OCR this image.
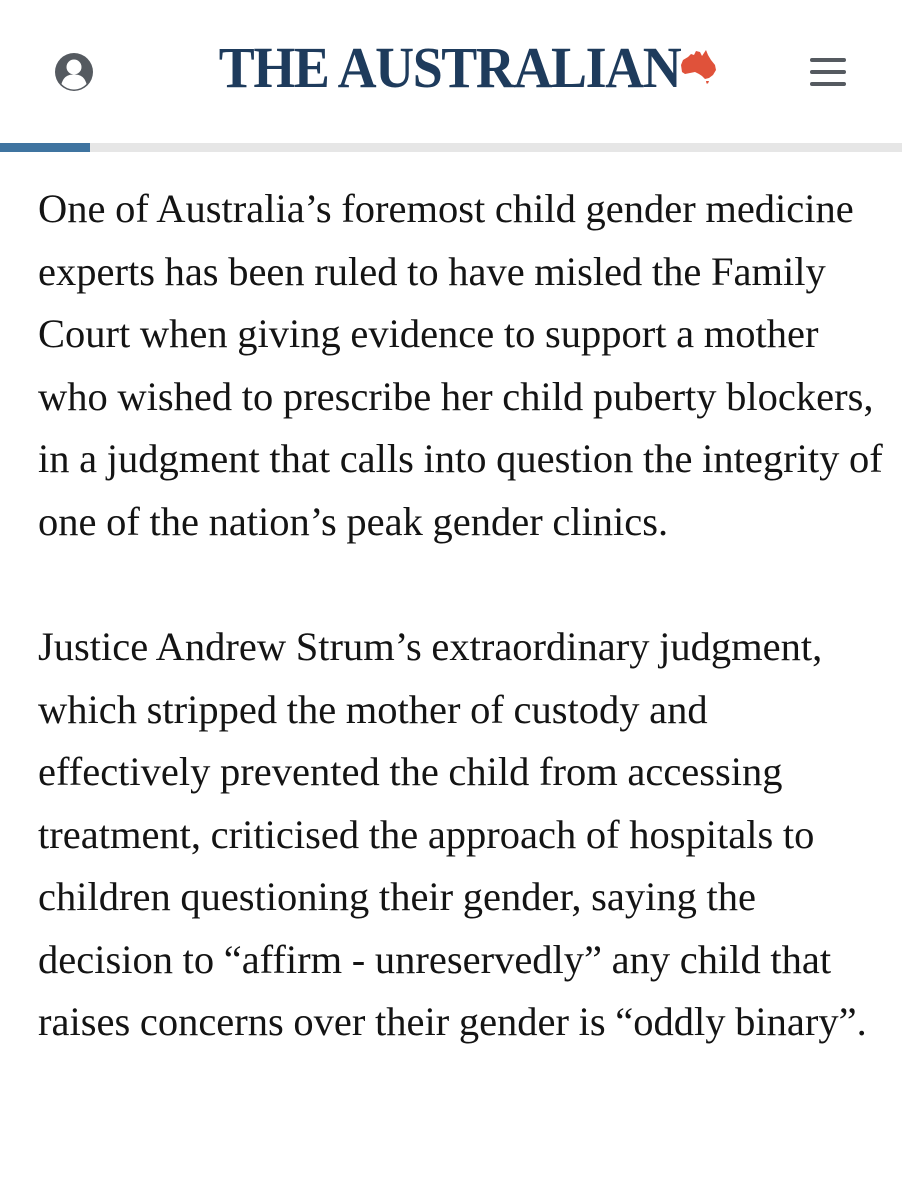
THE AUSTRALIAN

One of Australia’s foremost child gender medicine experts has been ruled to have misled the Family Court when giving evidence to support a mother who wished to prescribe her child puberty blockers, in a judgment that calls into question the integrity of one of the nation’s peak gender clinics.

Justice Andrew Strum’s extraordinary judgment, which stripped the mother of custody and effectively prevented the child from accessing treatment, criticised the approach of hospitals to children questioning their gender, saying the decision to “affirm - unreservedly” any child that raises concerns over their gender is “oddly binary”.
